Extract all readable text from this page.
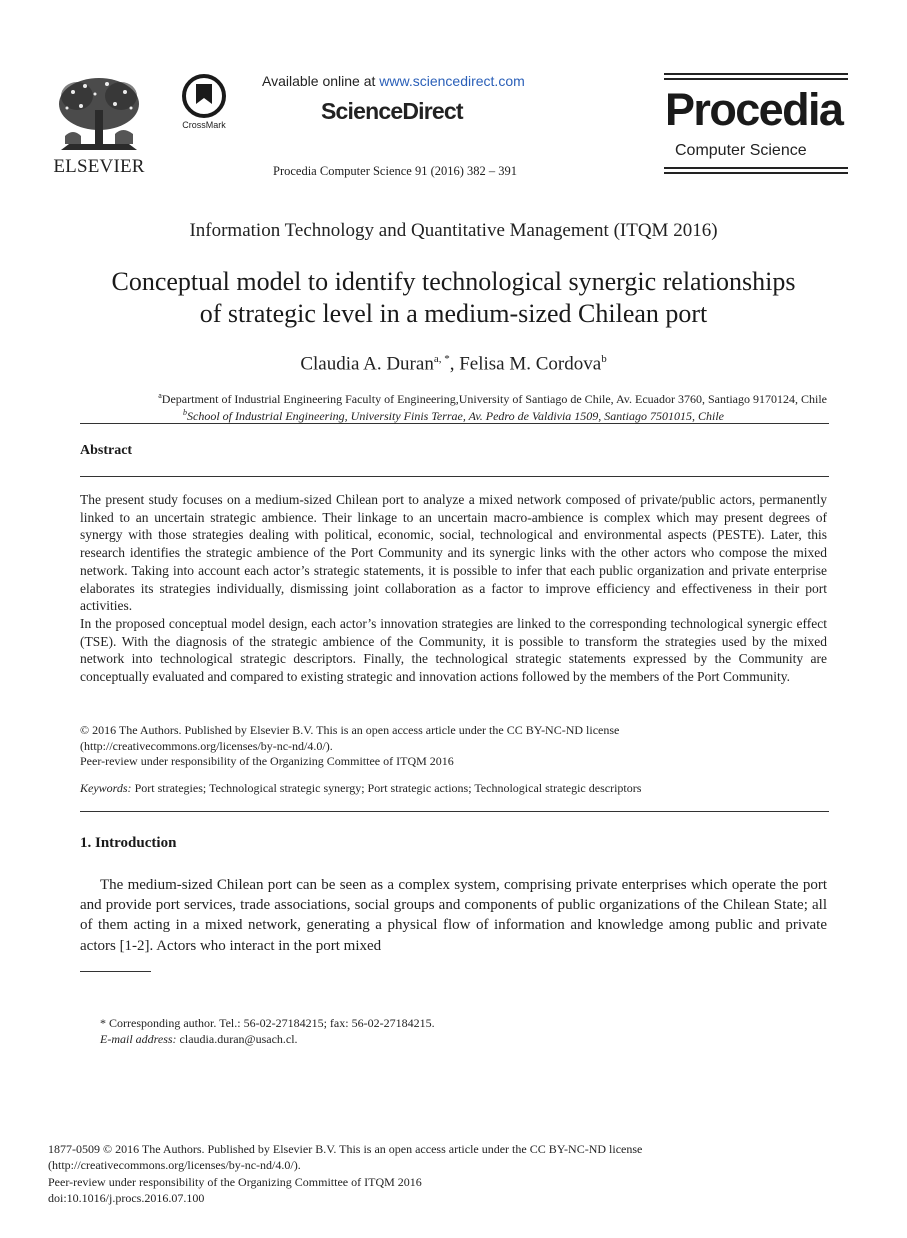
ELSEVIER
CrossMark
Available online at www.sciencedirect.com
ScienceDirect
Procedia Computer Science 91 (2016) 382 – 391
Procedia
Computer Science
Information Technology and Quantitative Management (ITQM 2016)
Conceptual model to identify technological synergic relationships
of strategic level in a medium-sized Chilean port
Claudia A. Duran$^{a, *}$, Felisa M. Cordova$^b$
$^a$Department of Industrial Engineering Faculty of Engineering,University of Santiago de Chile, Av. Ecuador 3760, Santiago 9170124, Chile
$^b$School of Industrial Engineering, University Finis Terrae, Av. Pedro de Valdivia 1509, Santiago 7501015, Chile
Abstract

The present study focuses on a medium-sized Chilean port to analyze a mixed network composed of private/public actors, permanently linked to an uncertain strategic ambience. Their linkage to an uncertain macro-ambience is complex which may present degrees of synergy with those strategies dealing with political, economic, social, technological and environmental aspects (PESTE). Later, this research identifies the strategic ambience of the Port Community and its synergic links with the other actors who compose the mixed network. Taking into account each actor’s strategic statements, it is possible to infer that each public organization and private enterprise elaborates its strategies individually, dismissing joint collaboration as a factor to improve efficiency and effectiveness in their port activities.

In the proposed conceptual model design, each actor’s innovation strategies are linked to the corresponding technological synergic effect (TSE). With the diagnosis of the strategic ambience of the Community, it is possible to transform the strategies used by the mixed network into technological strategic descriptors. Finally, the technological strategic statements expressed by the Community are conceptually evaluated and compared to existing strategic and innovation actions followed by the members of the Port Community.

© 2016 The Authors. Published by Elsevier B.V. This is an open access article under the CC BY-NC-ND license
(http://creativecommons.org/licenses/by-nc-nd/4.0/).
Peer-review under responsibility of the Organizing Committee of ITQM 2016
Keywords: Port strategies; Technological strategic synergy; Port strategic actions; Technological strategic descriptors
1. Introduction
The medium-sized Chilean port can be seen as a complex system, comprising private enterprises which operate the port and provide port services, trade associations, social groups and components of public organizations of the Chilean State; all of them acting in a mixed network, generating a physical flow of information and knowledge among public and private actors [1-2]. Actors who interact in the port mixed
* Corresponding author. Tel.: 56-02-27184215; fax: 56-02-27184215.
E-mail address: claudia.duran@usach.cl.
1877-0509 © 2016 The Authors. Published by Elsevier B.V. This is an open access article under the CC BY-NC-ND license
(http://creativecommons.org/licenses/by-nc-nd/4.0/).
Peer-review under responsibility of the Organizing Committee of ITQM 2016
doi:10.1016/j.procs.2016.07.100
